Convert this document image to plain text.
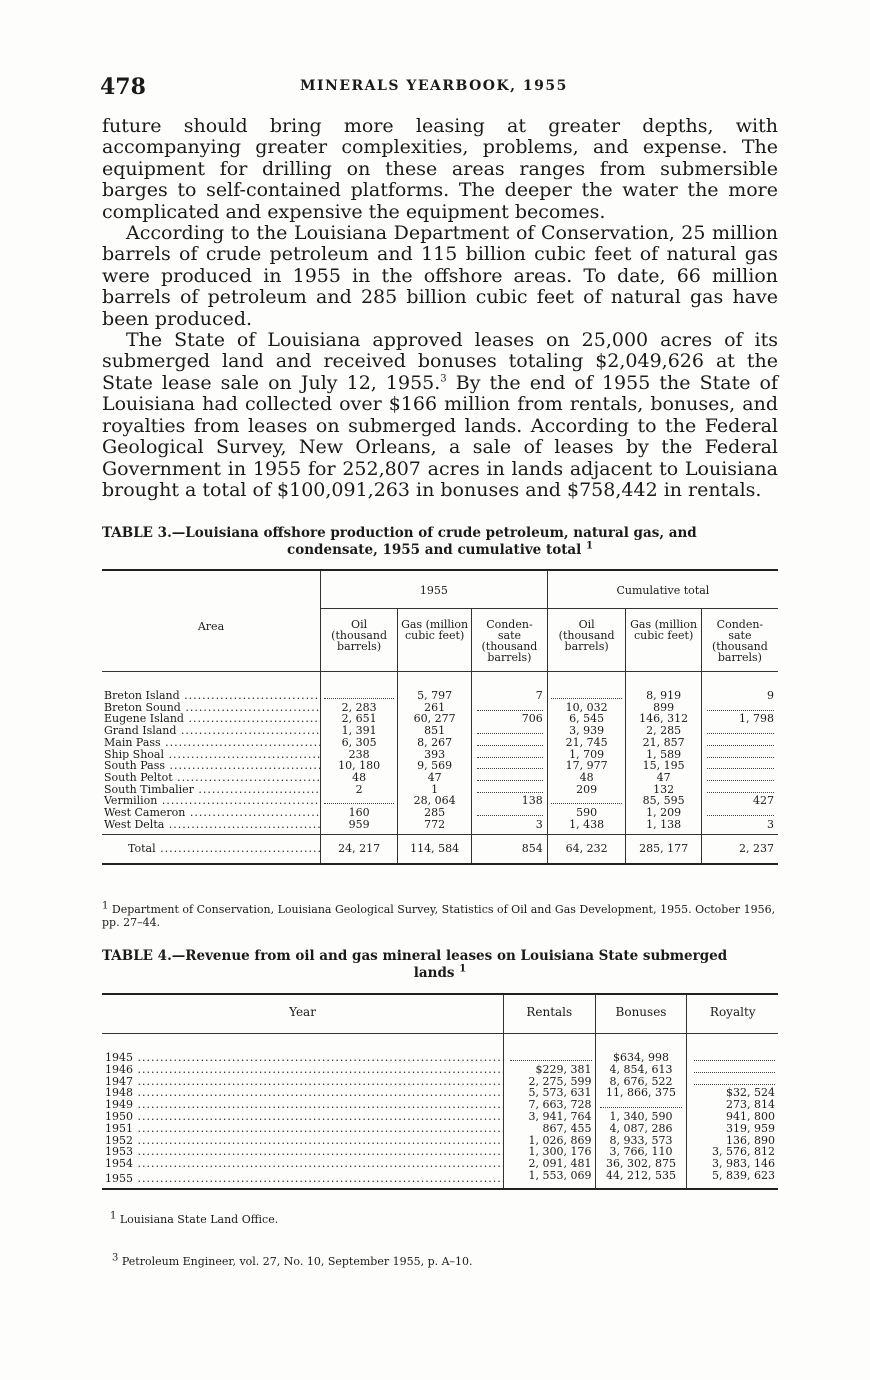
478	MINERALS YEARBOOK, 1955

future should bring more leasing at greater depths, with accompanying greater complexities, problems, and expense. The equipment for drilling on these areas ranges from submersible barges to self-contained platforms. The deeper the water the more complicated and expensive the equipment becomes.

According to the Louisiana Department of Conservation, 25 million barrels of crude petroleum and 115 billion cubic feet of natural gas were produced in 1955 in the offshore areas. To date, 66 million barrels of petroleum and 285 billion cubic feet of natural gas have been produced.

The State of Louisiana approved leases on 25,000 acres of its submerged land and received bonuses totaling $2,049,626 at the State lease sale on July 12, 1955.$^3$ By the end of 1955 the State of Louisiana had collected over $166 million from rentals, bonuses, and royalties from leases on submerged lands. According to the Federal Geological Survey, New Orleans, a sale of leases by the Federal Government in 1955 for 252,807 acres in lands adjacent to Louisiana brought a total of $100,091,263 in bonuses and $758,442 in rentals.

TABLE 3.—Louisiana offshore production of crude petroleum, natural gas, and
condensate, 1955 and cumulative total $^1$
Area	1955			Cumulative total		
	Oil (thousand barrels)	Gas (million cubic feet)	Conden- sate (thousand barrels)	Oil (thousand barrels)	Gas (million cubic feet)	Conden- sate (thousand barrels)
Breton Island .....		5, 797	7		8, 919	9
Breton Sound .....	2, 283	261		10, 032	899	
Eugene Island .....	2, 651	60, 277	706	6, 545	146, 312	1, 798
Grand Island .....	1, 391	851		3, 939	2, 285	
Main Pass .....	6, 305	8, 267		21, 745	21, 857	
Ship Shoal .....	238	393		1, 709	1, 589	
South Pass .....	10, 180	9, 569		17, 977	15, 195	
South Peltot .....	48	47		48	47	
South Timbalier .....	2	1		209	132	
Vermilion .....		28, 064	138		85, 595	427
West Cameron .....	160	285		590	1, 209	
West Delta .....	959	772	3	1, 438	1, 138	3
Total .....	24, 217	114, 584	854	64, 232	285, 177	2, 237
$^1$ Department of Conservation, Louisiana Geological Survey, Statistics of Oil and Gas Development, 1955. October 1956, pp. 27–44.
TABLE 4.—Revenue from oil and gas mineral leases on Louisiana State submerged
lands $^1$
Year	Rentals	Bonuses	Royalty
1945 .....		$634, 998	
1946 .....	$229, 381	4, 854, 613	
1947 .....	2, 275, 599	8, 676, 522	
1948 .....	5, 573, 631	11, 866, 375	$32, 524
1949 .....	7, 663, 728		273, 814
1950 .....	3, 941, 764	1, 340, 590	941, 800
1951 .....	867, 455	4, 087, 286	319, 959
1952 .....	1, 026, 869	8, 933, 573	136, 890
1953 .....	1, 300, 176	3, 766, 110	3, 576, 812
1954 .....	2, 091, 481	36, 302, 875	3, 983, 146
1955 .....	1, 553, 069	44, 212, 535	5, 839, 623
$^1$ Louisiana State Land Office.
$^3$ Petroleum Engineer, vol. 27, No. 10, September 1955, p. A–10.
